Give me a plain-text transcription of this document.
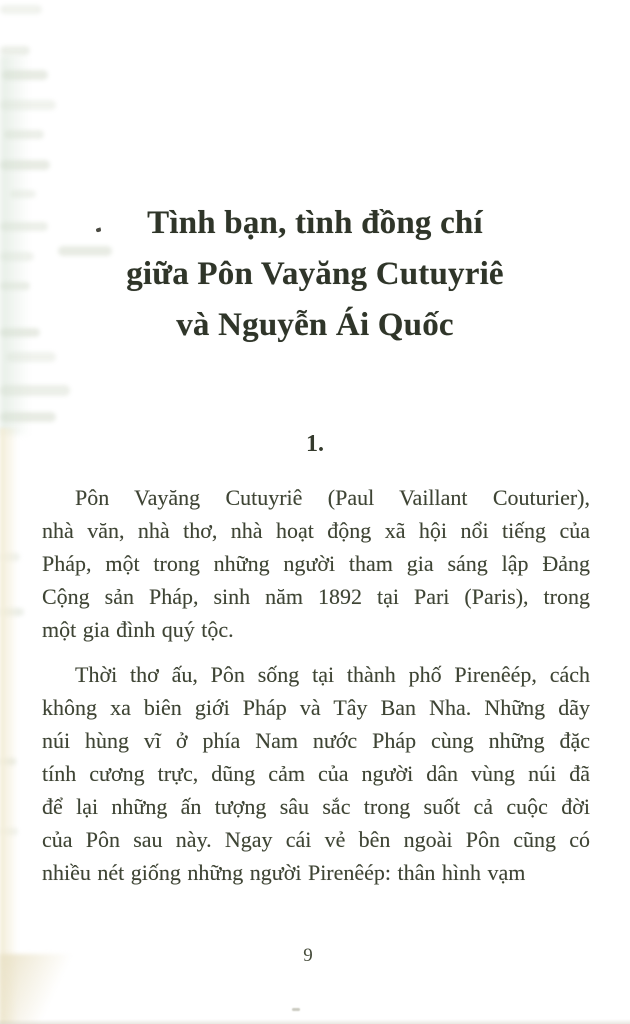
Tình bạn, tình đồng chí
giữa Pôn Vayăng Cutuyriê
và Nguyễn Ái Quốc
1.
Pôn Vayăng Cutuyriê (Paul Vaillant Couturier),
nhà văn, nhà thơ, nhà hoạt động xã hội nổi tiếng của
Pháp, một trong những người tham gia sáng lập Đảng
Cộng sản Pháp, sinh năm 1892 tại Pari (Paris), trong
một gia đình quý tộc.
Thời thơ ấu, Pôn sống tại thành phố Pirenêép, cách
không xa biên giới Pháp và Tây Ban Nha. Những dãy
núi hùng vĩ ở phía Nam nước Pháp cùng những đặc
tính cương trực, dũng cảm của người dân vùng núi đã
để lại những ấn tượng sâu sắc trong suốt cả cuộc đời
của Pôn sau này. Ngay cái vẻ bên ngoài Pôn cũng có
nhiều nét giống những người Pirenêép: thân hình vạm
9
